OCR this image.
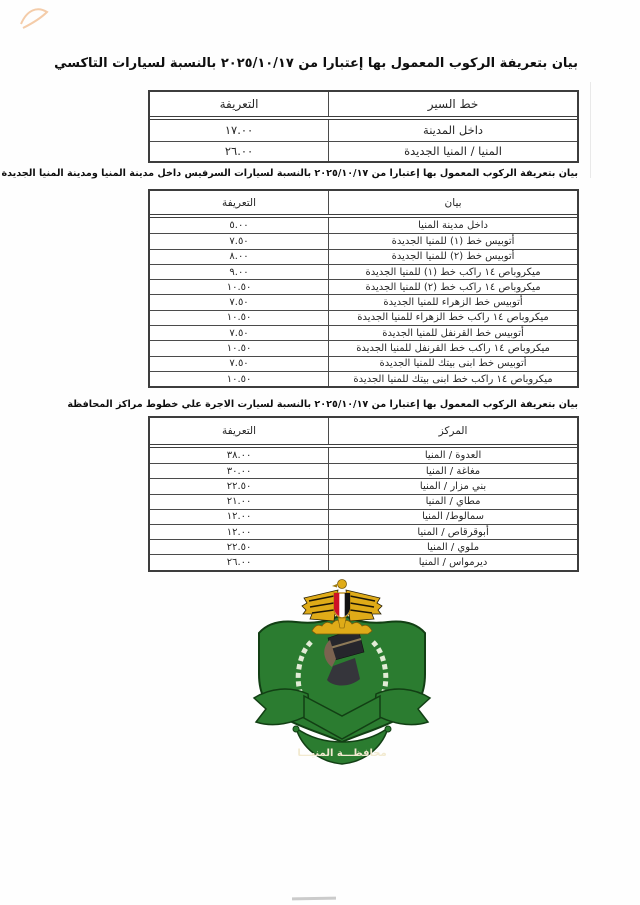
بيان بتعريفة الركوب المعمول بها إعتبارا من ٢٠٢٥/١٠/١٧ بالنسبة لسيارات التاكسي
خط السير
التعريفة
داخل المدينة
١٧.٠٠
المنيا / المنيا الجديدة
٢٦.٠٠
بيان بتعريفة الركوب المعمول بها إعتبارا من ٢٠٢٥/١٠/١٧ بالنسبة لسيارات السرفيس داخل مدينة المنيا ومدينة المنيا الجديدة
بيان
التعريفة
داخل مدينة المنيا
٥.٠٠
أتوبيس خط (١) للمنيا الجديدة
٧.٥٠
أتوبيس خط (٢) للمنيا الجديدة
٨.٠٠
ميكروباص ١٤ راكب خط (١) للمنيا الجديدة
٩.٠٠
ميكروباص ١٤ راكب خط (٢) للمنيا الجديدة
١٠.٥٠
أتوبيس خط الزهراء للمنيا الجديدة
٧.٥٠
ميكروباص ١٤ راكب خط الزهراء للمنيا الجديدة
١٠.٥٠
أتوبيس خط القرنفل للمنيا الجديدة
٧.٥٠
ميكروباص ١٤ راكب خط القرنفل للمنيا الجديدة
١٠.٥٠
أتوبيس خط ابنى بيتك للمنيا الجديدة
٧.٥٠
ميكروباص ١٤ راكب خط ابنى بيتك للمنيا الجديدة
١٠.٥٠
بيان بتعريفة الركوب المعمول بها إعتبارا من ٢٠٢٥/١٠/١٧ بالنسبة لسيارت الاجرة علي خطوط مراكز المحافظة
المركز
التعريفة
العدوة / المنيا
٣٨.٠٠
مغاغة / المنيا
٣٠.٠٠
بني مزار / المنيا
٢٢.٥٠
مطاي / المنيا
٢١.٠٠
سمالوط/ المنيا
١٢.٠٠
أبوقرقاص / المنيا
١٢.٠٠
ملوي / المنيا
٢٢.٥٠
ديرمواس / المنيا
٢٦.٠٠
محافظـــة المنيـــا
